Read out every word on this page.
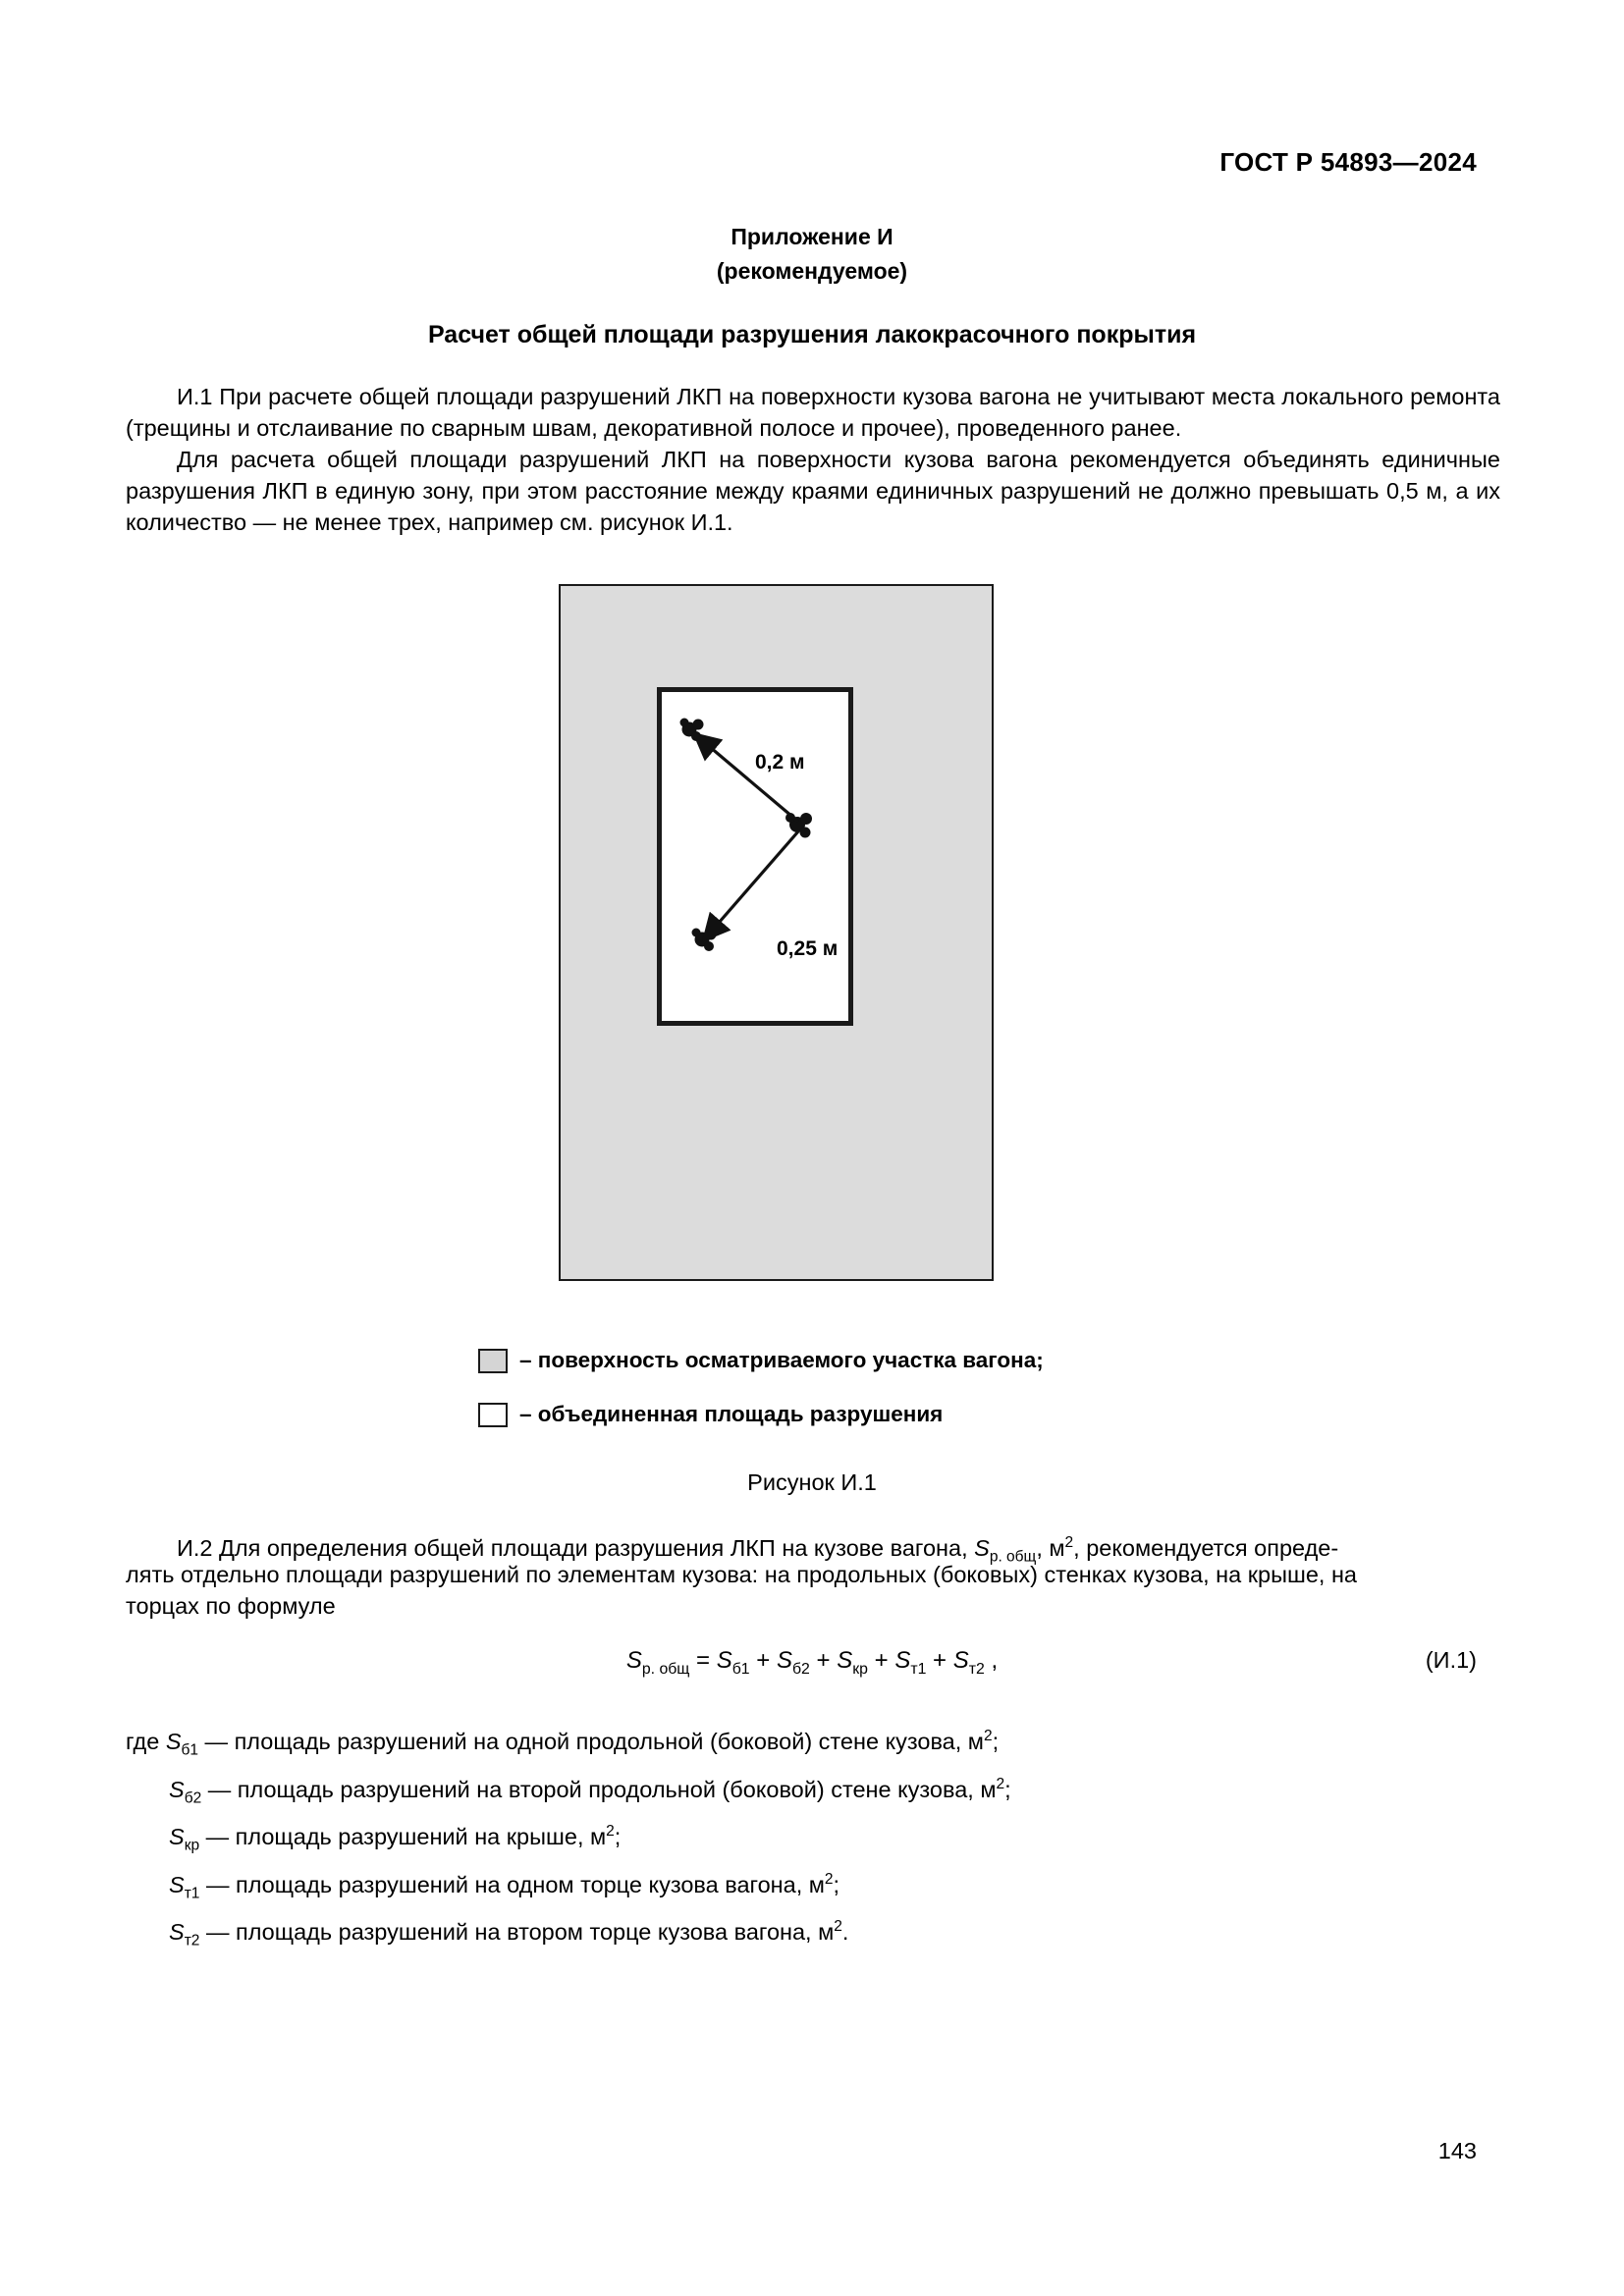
ГОСТ Р 54893—2024
Приложение И
(рекомендуемое)
Расчет общей площади разрушения лакокрасочного покрытия
И.1 При расчете общей площади разрушений ЛКП на поверхности кузова вагона не учитывают места локального ремонта (трещины и отслаивание по сварным швам, декоративной полосе и прочее), проведенного ранее.
Для расчета общей площади разрушений ЛКП на поверхности кузова вагона рекомендуется объединять единичные разрушения ЛКП в единую зону, при этом расстояние между краями единичных разрушений не должно превышать 0,5 м, а их количество — не менее трех, например см. рисунок И.1.
0,2 м
0,25 м
– поверхность осматриваемого участка вагона;
– объединенная площадь разрушения
Рисунок И.1
И.2 Для определения общей площади разрушения ЛКП на кузове вагона, $S_{р. общ}$, $м^2$, рекомендуется опреде-
лять отдельно площади разрушений по элементам кузова: на продольных (боковых) стенках кузова, на крыше, на
торцах по формуле
$S_{р. общ} = S_{б1} + S_{б2} + S_{кр} + S_{т1} + S_{т2}$ ,	(И.1)
где $S_{б1}$ — площадь разрушений на одной продольной (боковой) стене кузова, $м^2$;
$S_{б2}$ — площадь разрушений на второй продольной (боковой) стене кузова, $м^2$;
$S_{кр}$ — площадь разрушений на крыше, $м^2$;
$S_{т1}$ — площадь разрушений на одном торце кузова вагона, $м^2$;
$S_{т2}$ — площадь разрушений на втором торце кузова вагона, $м^2$.
143
